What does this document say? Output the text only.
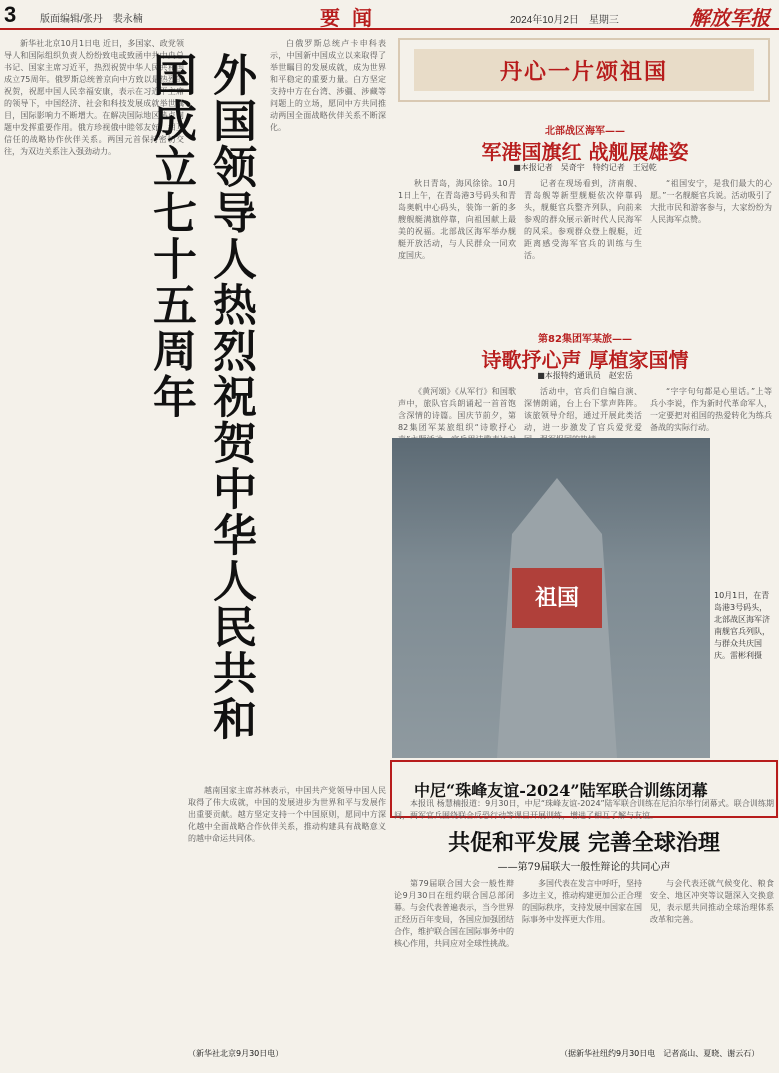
3 版面编辑/张丹　裴永楠	要闻	2024年10月2日　星期三	解放军报

新华社北京10月1日电 近日，多国家、政党领导人和国际组织负责人纷纷致电或致函中共中央总书记、国家主席习近平，热烈祝贺中华人民共和国成立75周年。俄罗斯总统普京向中方致以最热烈的祝贺，祝愿中国人民幸福安康，表示在习近平主席的领导下，中国经济、社会和科技发展成就举世瞩目，国际影响力不断增大。在解决国际地区热点问题中发挥重要作用。俄方珍视俄中睦邻友好、相互信任的战略协作伙伴关系。两国元首保持密切交往，为双边关系注入强劲动力。	外国领导人热烈祝贺中华人民共和国成立七十五周年

白俄罗斯总统卢卡申科表示，中国新中国成立以来取得了举世瞩目的发展成就，成为世界和平稳定的重要力量。白方坚定支持中方在台湾、涉疆、涉藏等问题上的立场，愿同中方共同推动两国全面战略伙伴关系不断深化。

越南国家主席苏林表示，中国共产党领导中国人民取得了伟大成就，中国的发展进步为世界和平与发展作出重要贡献。越方坚定支持一个中国原则，愿同中方深化越中全面战略合作伙伴关系，推动构建具有战略意义的越中命运共同体。

（新华社北京9月30日电）
丹心一片颂祖国
北部战区海军——
军港国旗红 战舰展雄姿
■本报记者　吴奇宇　特约记者　王冠乾

秋日青岛，海风徐徐。10月1日上午，在青岛港3号码头和青岛奥帆中心码头，装饰一新的多艘舰艇满旗停靠，向祖国献上最美的祝福。北部战区海军举办舰艇开放活动，与人民群众一同欢度国庆。

记者在现场看到，济南舰、青岛舰等新型舰艇依次停靠码头，舰艇官兵整齐列队，向前来参观的群众展示新时代人民海军的风采。参观群众登上舰艇，近距离感受海军官兵的训练与生活。

“祖国安宁，是我们最大的心愿。”一名舰艇官兵说。活动吸引了大批市民和游客参与，大家纷纷为人民海军点赞。

第82集团军某旅——
诗歌抒心声 厚植家国情
■本报特约通讯员　赵宏岳

《黄河颂》《从军行》和国歌声中，旅队官兵朗诵起一首首饱含深情的诗篇。国庆节前夕，第82集团军某旅组织“诗歌抒心

活动中，官兵们自编自演、深情朗诵，台上台下掌声阵阵。该旅领导介绍，通过开展此类活动，进一步激发了官兵爱党爱

“字字句句都是心里话。”上等兵小李说，作为新时代革命军人，一定要把对祖国的热爱转化为练兵备战的实际行动。

祖国	10月1日，在青岛港3号码头，北部战区海军济南舰官兵列队，与群众共庆国庆。雷彬利摄
中尼“珠峰友谊-2024”陆军联合训练闭幕

本报讯 杨慧楠报道：9月30日，中尼“珠峰友谊-2024”陆军联合训练在尼泊尔举行闭幕式。联合训练期间，两军官兵围绕联合反恐行动等课目开展训练，增进了相互了解与友谊。

共促和平发展 完善全球治理
——第79届联大一般性辩论的共同心声

第79届联合国大会一般性辩论9月30日在纽约联合国总部闭幕。与会代表普遍表示，当今世界正经历百年变局，各国应加强团结合作，维护联合国在国际事务中的核心作用，共同应对全球性挑战。

多国代表在发言中呼吁，坚持多边主义，推动构建更加公正合理的国际秩序，支持发展中国家在国际事务中发挥更大作用。

与会代表还就气候变化、粮食安全、地区冲突等议题深入交换意见，表示愿共同推动全球治理体系改革和完善。

（据新华社纽约9月30日电　记者高山、夏晓、谢云石）
